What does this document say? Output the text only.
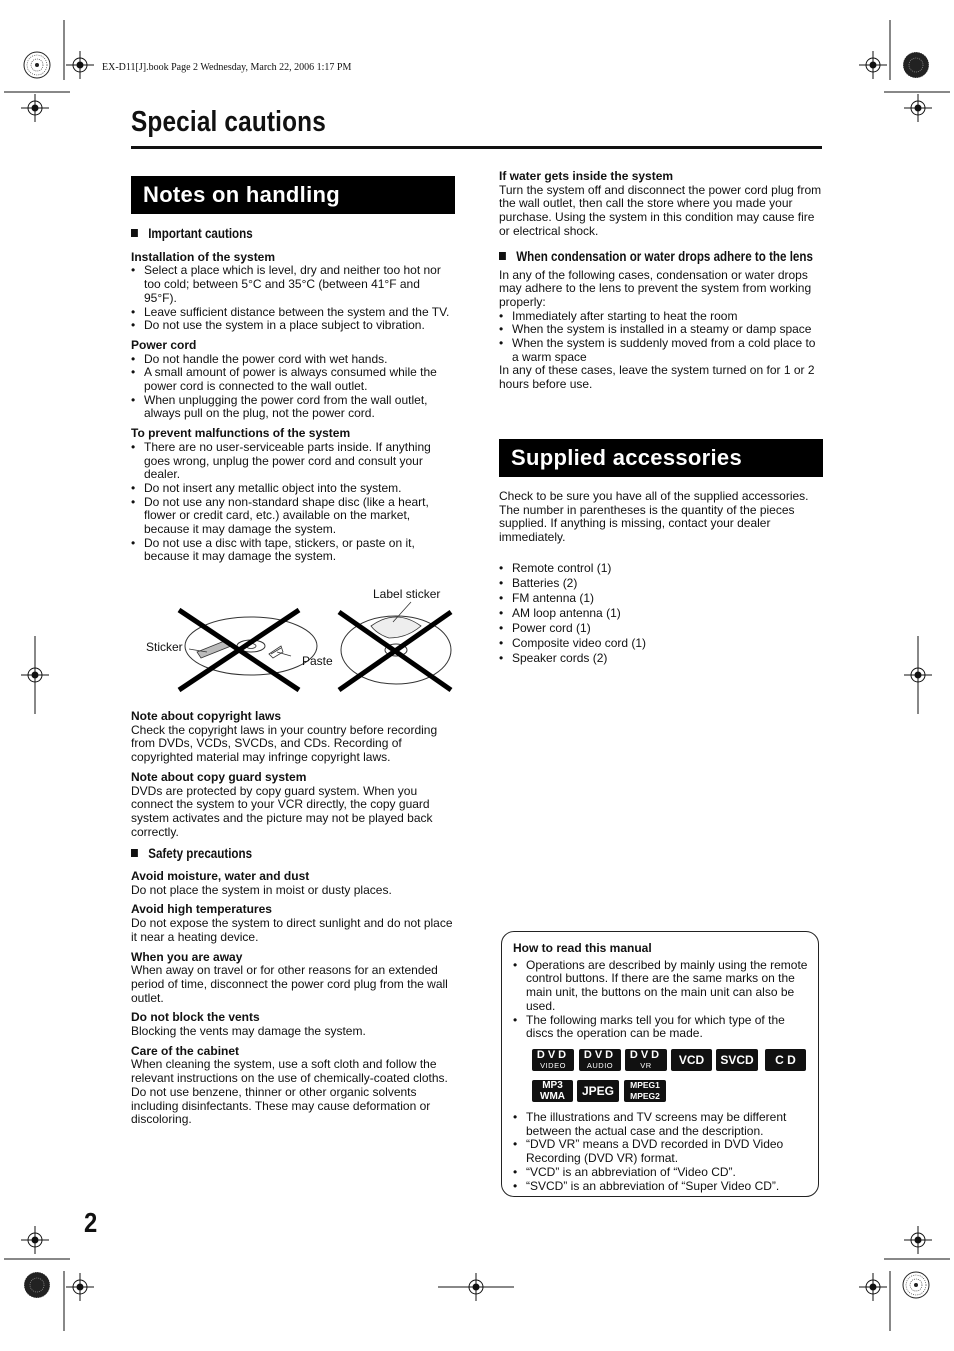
EX-D11[J].book Page 2 Wednesday, March 22, 2006 1:17 PM
Special cautions
Notes on handling
Important cautions

Installation of the system

• Select a place which is level, dry and neither too hot nor too cold; between 5°C and 35°C (between 41°F and 95°F).
• Leave sufficient distance between the system and the TV.
• Do not use the system in a place subject to vibration.

Power cord

• Do not handle the power cord with wet hands.
• A small amount of power is always consumed while the power cord is connected to the wall outlet.
• When unplugging the power cord from the wall outlet, always pull on the plug, not the power cord.

To prevent malfunctions of the system

• There are no user-serviceable parts inside. If anything goes wrong, unplug the power cord and consult your dealer.
• Do not insert any metallic object into the system.
• Do not use any non-standard shape disc (like a heart, flower or credit card, etc.) available on the market, because it may damage the system.
• Do not use a disc with tape, stickers, or paste on it, because it may damage the system.
Label sticker
Sticker
Paste

Note about copyright laws

Check the copyright laws in your country before recording from DVDs, VCDs, SVCDs, and CDs. Recording of copyrighted material may infringe copyright laws.

Note about copy guard system

DVDs are protected by copy guard system. When you connect the system to your VCR directly, the copy guard system activates and the picture may not be played back correctly.

Safety precautions

Avoid moisture, water and dust

Do not place the system in moist or dusty places.

Avoid high temperatures

Do not expose the system to direct sunlight and do not place it near a heating device.

When you are away

When away on travel or for other reasons for an extended period of time, disconnect the power cord plug from the wall outlet.

Do not block the vents

Blocking the vents may damage the system.

Care of the cabinet

When cleaning the system, use a soft cloth and follow the relevant instructions on the use of chemically-coated cloths. Do not use benzene, thinner or other organic solvents including disinfectants. These may cause deformation or discoloring.

If water gets inside the system

Turn the system off and disconnect the power cord plug from the wall outlet, then call the store where you made your purchase. Using the system in this condition may cause fire or electrical shock.

When condensation or water drops adhere to the lens

In any of the following cases, condensation or water drops may adhere to the lens to prevent the system from working properly:

• Immediately after starting to heat the room
• When the system is installed in a steamy or damp space
• When the system is suddenly moved from a cold place to a warm space

In any of these cases, leave the system turned on for 1 or 2 hours before use.

Supplied accessories

Check to be sure you have all of the supplied accessories.

The number in parentheses is the quantity of the pieces supplied. If anything is missing, contact your dealer immediately.

• Remote control (1)
• Batteries (2)
• FM antenna (1)
• AM loop antenna (1)
• Power cord (1)
• Composite video cord (1)
• Speaker cords (2)

How to read this manual

• Operations are described by mainly using the remote control buttons. If there are the same marks on the main unit, the buttons on the main unit can also be used.
• The following marks tell you for which type of the discs the operation can be made.
DVD
VIDEO
DVD
AUDIO
DVD
VR	VCD	SVCD	C D
MP3
WMA	JPEG	MPEG1
MPEG2
• The illustrations and TV screens may be different between the actual case and the description.
• “DVD VR” means a DVD recorded in DVD Video Recording (DVD VR) format.
• “VCD” is an abbreviation of “Video CD”.
• “SVCD” is an abbreviation of “Super Video CD”.
2
